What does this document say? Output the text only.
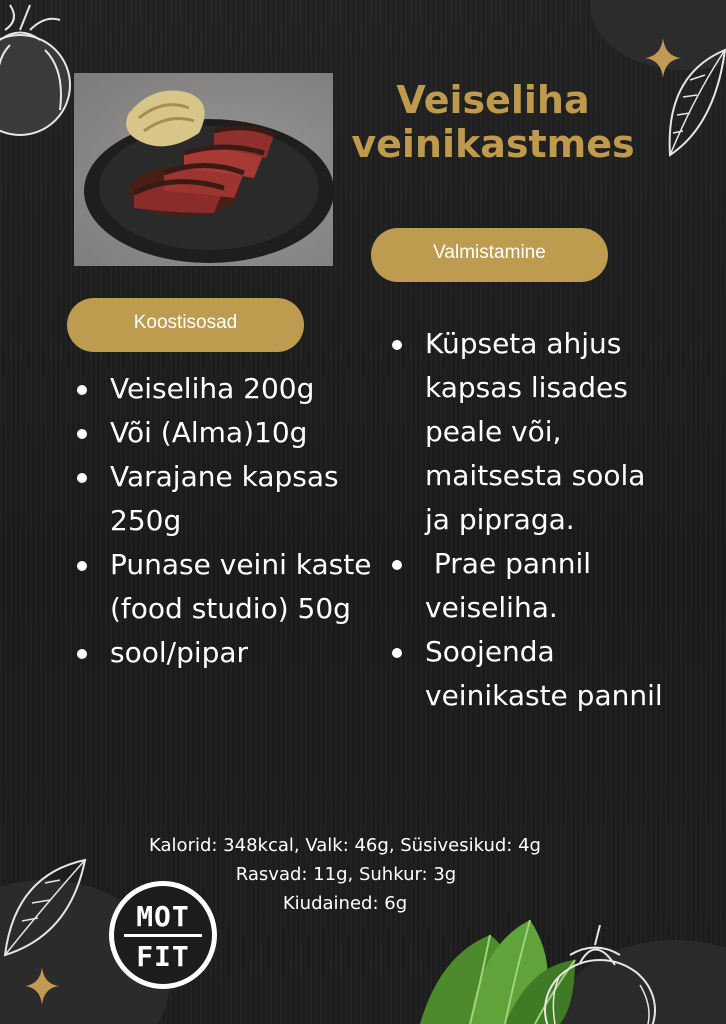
Veiseliha veinikastmes
Valmistamine
Koostisosad
Veiseliha 200g
Või (Alma)10g
Varajane kapsas 250g
Punase veini kaste (food studio) 50g
sool/pipar
Küpseta ahjus kapsas lisades peale või, maitsesta soola ja pipraga.
Prae pannil veiseliha.
Soojenda veinikaste pannil
Kalorid: 348kcal, Valk: 46g, Süsivesikud: 4g
Rasvad: 11g, Suhkur: 3g
Kiudained: 6g
MOT
FIT
